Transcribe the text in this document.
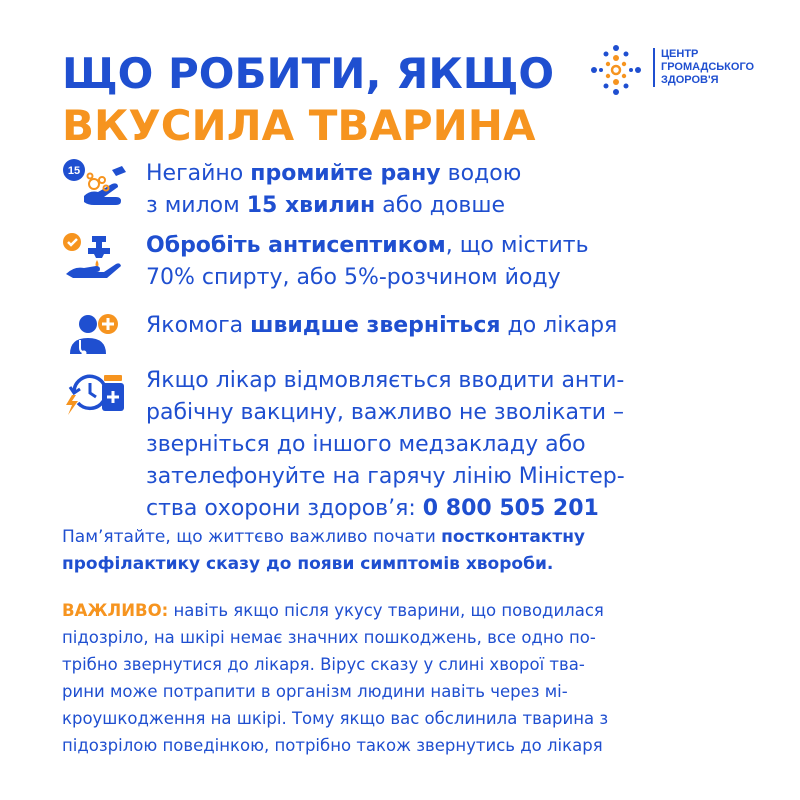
ЩО РОБИТИ, ЯКЩО
ВКУСИЛА ТВАРИНА
ЦЕНТР
ГРОМАДСЬКОГО
ЗДОРОВ'Я
15	Негайно промийте рану водою
з милом 15 хвилин або довше
Обробіть антисептиком, що містить
70% спирту, або 5%-розчином йоду
Якомога швидше зверніться до лікаря
Якщо лікар відмовляється вводити анти-
рабічну вакцину, важливо не зволікати –
зверніться до іншого медзакладу або
зателефонуйте на гарячу лінію Міністер-
ства охорони здоров’я: 0 800 505 201
Пам’ятайте, що життєво важливо почати постконтактну
профілактику сказу до появи симптомів хвороби.
ВАЖЛИВО: навіть якщо після укусу тварини, що поводилася
підозріло, на шкірі немає значних пошкоджень, все одно по-
трібно звернутися до лікаря. Вірус сказу у слині хворої тва-
рини може потрапити в організм людини навіть через мі-
кроушкодження на шкірі. Тому якщо вас обслинила тварина з
підозрілою поведінкою, потрібно також звернутись до лікаря
